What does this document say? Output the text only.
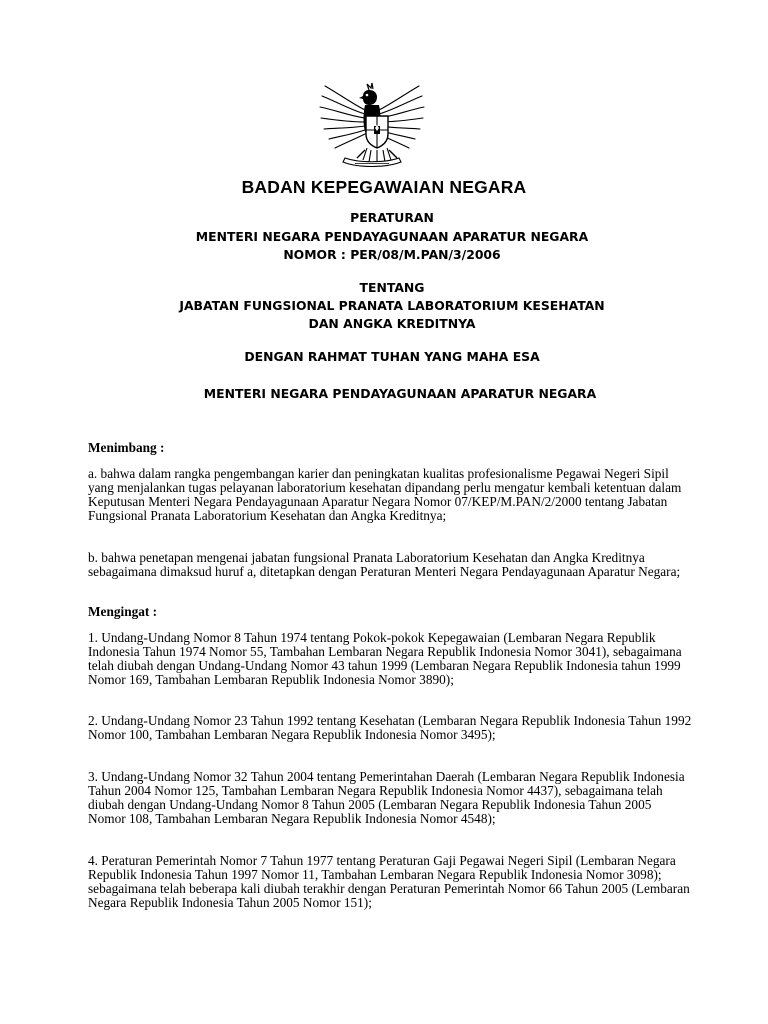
BADAN KEPEGAWAIAN NEGARA
PERATURAN
MENTERI NEGARA PENDAYAGUNAAN APARATUR NEGARA
NOMOR : PER/08/M.PAN/3/2006
TENTANG
JABATAN FUNGSIONAL PRANATA LABORATORIUM KESEHATAN
DAN ANGKA KREDITNYA
DENGAN RAHMAT TUHAN YANG MAHA ESA
MENTERI NEGARA PENDAYAGUNAAN APARATUR NEGARA
Menimbang :
a. bahwa dalam rangka pengembangan karier dan peningkatan kualitas profesionalisme Pegawai Negeri Sipil yang menjalankan tugas pelayanan laboratorium kesehatan dipandang perlu mengatur kembali ketentuan dalam Keputusan Menteri Negara Pendayagunaan Aparatur Negara Nomor 07/KEP/M.PAN/2/2000 tentang Jabatan Fungsional Pranata Laboratorium Kesehatan dan Angka Kreditnya;
b. bahwa penetapan mengenai jabatan fungsional Pranata Laboratorium Kesehatan dan Angka Kreditnya sebagaimana dimaksud huruf a, ditetapkan dengan Peraturan Menteri Negara Pendayagunaan Aparatur Negara;
Mengingat :
1. Undang-Undang Nomor 8 Tahun 1974 tentang Pokok-pokok Kepegawaian (Lembaran Negara Republik Indonesia Tahun 1974 Nomor 55, Tambahan Lembaran Negara Republik Indonesia Nomor 3041), sebagaimana telah diubah dengan Undang-Undang Nomor 43 tahun 1999 (Lembaran Negara Republik Indonesia tahun 1999 Nomor 169, Tambahan Lembaran Republik Indonesia Nomor 3890);
2. Undang-Undang Nomor 23 Tahun 1992 tentang Kesehatan (Lembaran Negara Republik Indonesia Tahun 1992 Nomor 100, Tambahan Lembaran Negara Republik Indonesia Nomor 3495);
3. Undang-Undang Nomor 32 Tahun 2004 tentang Pemerintahan Daerah (Lembaran Negara Republik Indonesia Tahun 2004 Nomor 125, Tambahan Lembaran Negara Republik Indonesia Nomor 4437), sebagaimana telah diubah dengan Undang-Undang Nomor 8 Tahun 2005 (Lembaran Negara Republik Indonesia Tahun 2005 Nomor 108, Tambahan Lembaran Negara Republik Indonesia Nomor 4548);
4. Peraturan Pemerintah Nomor 7 Tahun 1977 tentang Peraturan Gaji Pegawai Negeri Sipil (Lembaran Negara Republik Indonesia Tahun 1997 Nomor 11, Tambahan Lembaran Negara Republik Indonesia Nomor 3098); sebagaimana telah beberapa kali diubah terakhir dengan Peraturan Pemerintah Nomor 66 Tahun 2005 (Lembaran Negara Republik Indonesia Tahun 2005 Nomor 151);
